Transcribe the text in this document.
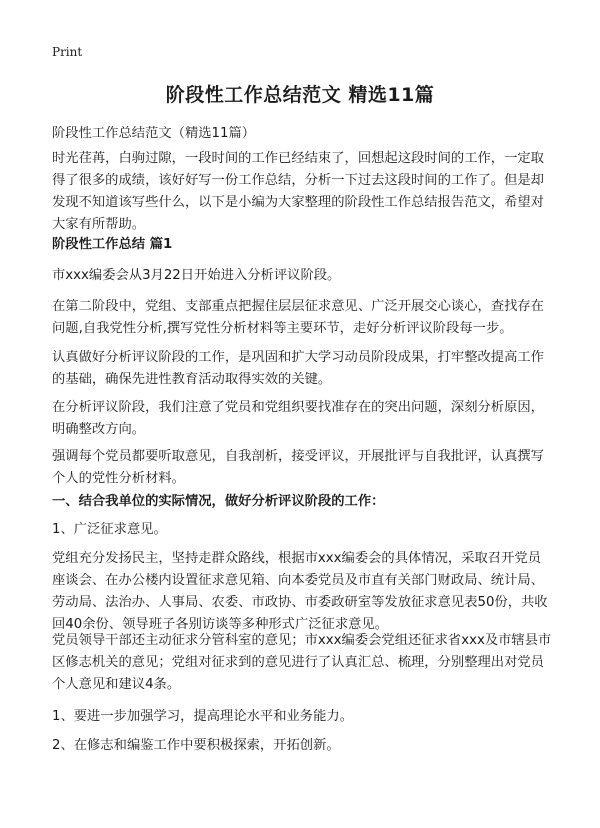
Print
阶段性工作总结范文 精选11篇

阶段性工作总结范文（精选11篇）

时光荏苒，白驹过隙，一段时间的工作已经结束了，回想起这段时间的工作，一定取得了很多的成绩，该好好写一份工作总结，分析一下过去这段时间的工作了。但是却发现不知道该写些什么，以下是小编为大家整理的阶段性工作总结报告范文，希望对大家有所帮助。

阶段性工作总结 篇1

市xxx编委会从3月22日开始进入分析评议阶段。

在第二阶段中，党组、支部重点把握住层层征求意见、广泛开展交心谈心，查找存在问题,自我党性分析,撰写党性分析材料等主要环节，走好分析评议阶段每一步。

认真做好分析评议阶段的工作，是巩固和扩大学习动员阶段成果，打牢整改提高工作的基础，确保先进性教育活动取得实效的关键。

在分析评议阶段，我们注意了党员和党组织要找准存在的突出问题，深刻分析原因，明确整改方向。

强调每个党员都要听取意见，自我剖析，接受评议，开展批评与自我批评，认真撰写个人的党性分析材料。

一、结合我单位的实际情况，做好分析评议阶段的工作：

1、广泛征求意见。

党组充分发扬民主，坚持走群众路线，根据市xxx编委会的具体情况，采取召开党员座谈会、在办公楼内设置征求意见箱、向本委党员及市直有关部门财政局、统计局、劳动局、法治办、人事局、农委、市政协、市委政研室等发放征求意见表50份，共收回40余份、领导班子各别访谈等多种形式广泛征求意见。

党员领导干部还主动征求分管科室的意见；市xxx编委会党组还征求省xxx及市辖县市区修志机关的意见；党组对征求到的意见进行了认真汇总、梳理，分别整理出对党员个人意见和建议4条。

1、要进一步加强学习，提高理论水平和业务能力。

2、在修志和编鉴工作中要积极探索，开拓创新。
